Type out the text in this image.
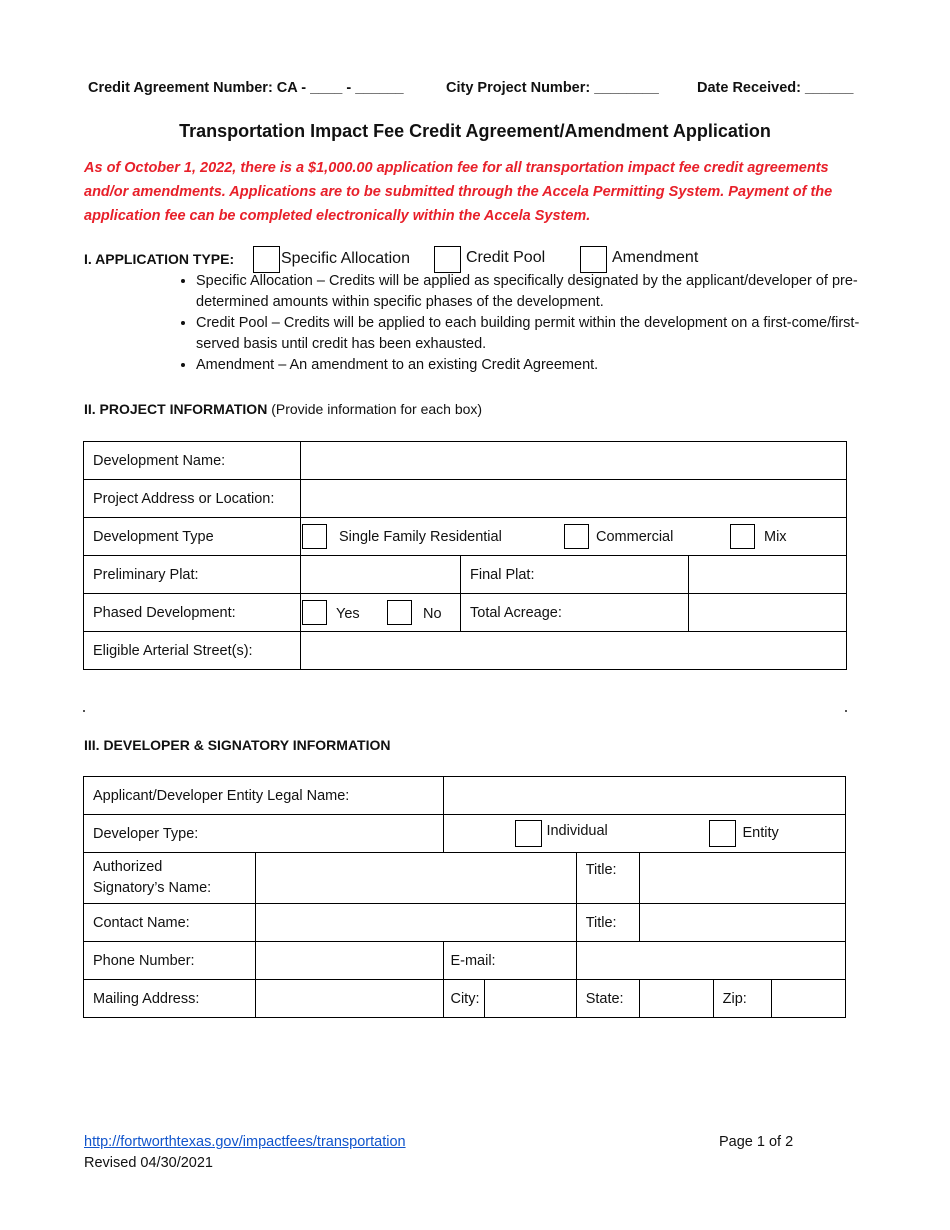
Credit Agreement Number: CA - ____ - ______	City Project Number: ________	Date Received: ______
Transportation Impact Fee Credit Agreement/Amendment Application
As of October 1, 2022, there is a $1,000.00 application fee for all transportation impact fee credit agreements and/or amendments. Applications are to be submitted through the Accela Permitting System. Payment of the application fee can be completed electronically within the Accela System.
I. APPLICATION TYPE:	Specific Allocation	Credit Pool	Amendment
• Specific Allocation – Credits will be applied as specifically designated by the applicant/developer of pre-determined amounts within specific phases of the development.
• Credit Pool – Credits will be applied to each building permit within the development on a first-come/first-served basis until credit has been exhausted.
• Amendment – An amendment to an existing Credit Agreement.
II. PROJECT INFORMATION (Provide information for each box)
Development Name:			
Project Address or Location:			
Development Type	Single Family Residential Commercial Mix		

Preliminary Plat:		Final Plat:	
Phased Development:	Yes No	Total Acreage:	
Eligible Arterial Street(s):			
III. DEVELOPER & SIGNATORY INFORMATION
Applicant/Developer Entity Legal Name:							
Developer Type:		Individual Entity					

Authorized
Signatory’s Name:				Title:			
Contact Name:				Title:			
Phone Number:		E-mail:					
Mailing Address:		City:		State:		Zip:	
http://fortworthtexas.gov/impactfees/transportation
Revised 04/30/2021
Page 1 of 2
